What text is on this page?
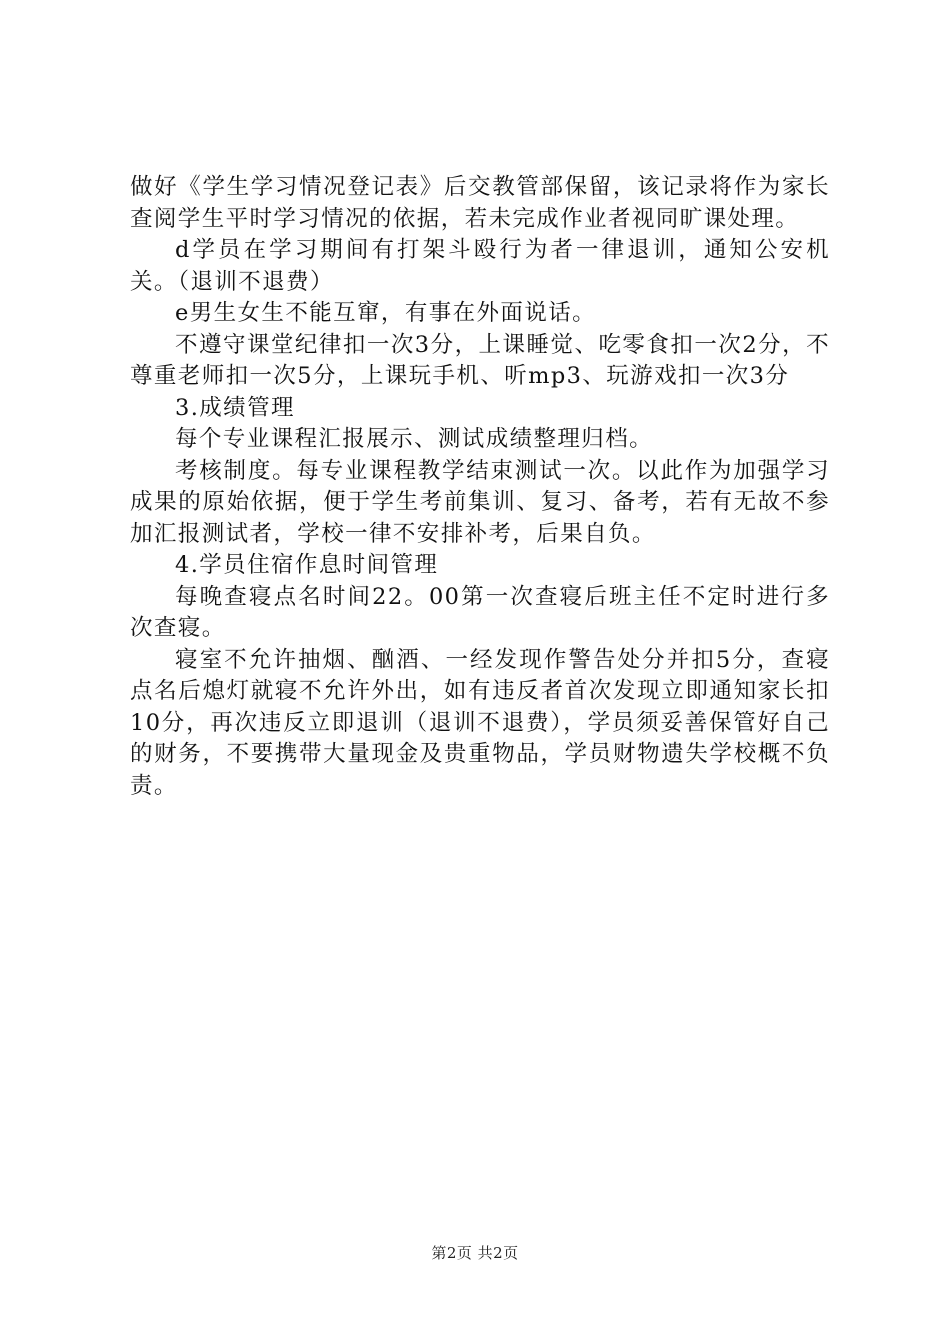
做好《学生学习情况登记表》后交教管部保留，该记录将作为家长查阅学生平时学习情况的依据，若未完成作业者视同旷课处理。

d学员在学习期间有打架斗殴行为者一律退训，通知公安机关。（退训不退费）

e男生女生不能互窜，有事在外面说话。

不遵守课堂纪律扣一次3分，上课睡觉、吃零食扣一次2分，不尊重老师扣一次5分，上课玩手机、听mp3、玩游戏扣一次3分

3.成绩管理

每个专业课程汇报展示、测试成绩整理归档。

考核制度。每专业课程教学结束测试一次。以此作为加强学习成果的原始依据，便于学生考前集训、复习、备考，若有无故不参加汇报测试者，学校一律不安排补考，后果自负。

4.学员住宿作息时间管理

每晚查寝点名时间22。00第一次查寝后班主任不定时进行多次查寝。

寝室不允许抽烟、酗酒、一经发现作警告处分并扣5分，查寝点名后熄灯就寝不允许外出，如有违反者首次发现立即通知家长扣10分，再次违反立即退训（退训不退费），学员须妥善保管好自己的财务，不要携带大量现金及贵重物品，学员财物遗失学校概不负责。

第2页 共2页
